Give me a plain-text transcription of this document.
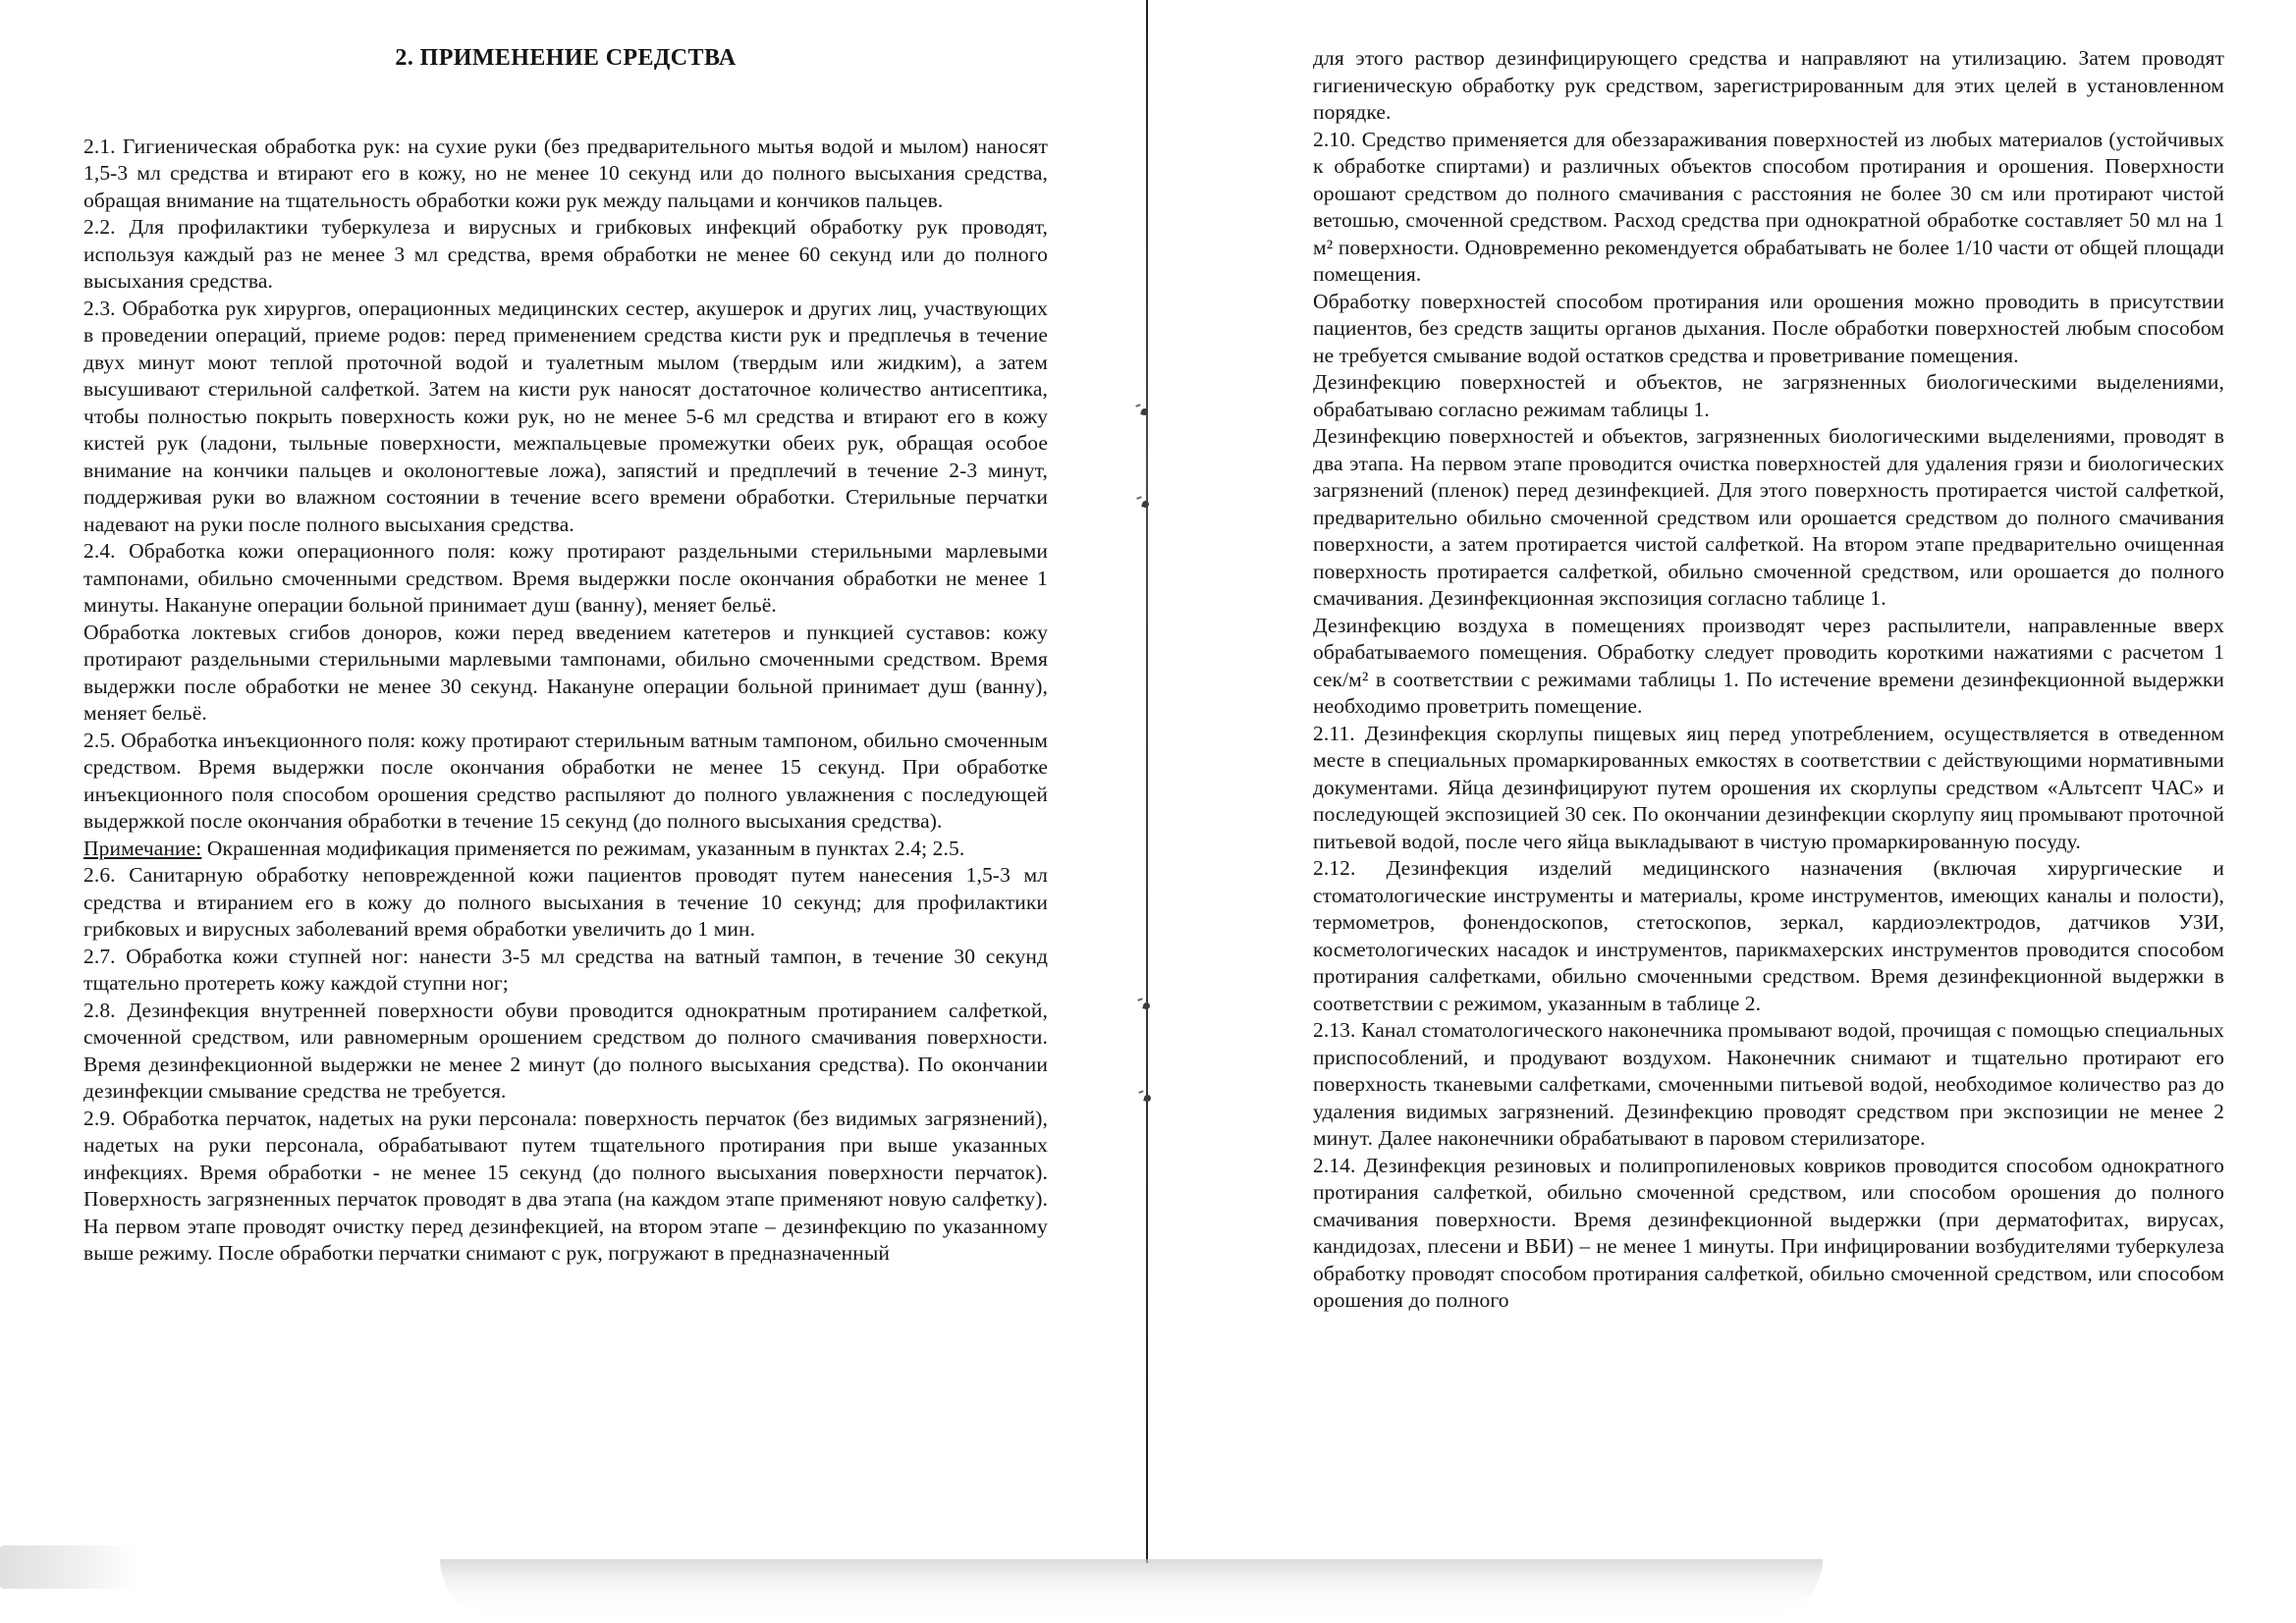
2. ПРИМЕНЕНИЕ СРЕДСТВА

2.1. Гигиеническая обработка рук: на сухие руки (без предварительного мытья водой и мылом) наносят 1,5-3 мл средства и втирают его в кожу, но не менее 10 секунд или до полного высыхания средства, обращая внимание на тщательность обработки кожи рук между пальцами и кончиков пальцев.

2.2. Для профилактики туберкулеза и вирусных и грибковых инфекций обработку рук проводят, используя каждый раз не менее 3 мл средства, время обработки не менее 60 секунд или до полного высыхания средства.

2.3. Обработка рук хирургов, операционных медицинских сестер, акушерок и других лиц, участвующих в проведении операций, приеме родов: перед применением средства кисти рук и предплечья в течение двух минут моют теплой проточной водой и туалетным мылом (твердым или жидким), а затем высушивают стерильной салфеткой. Затем на кисти рук наносят достаточное количество антисептика, чтобы полностью покрыть поверхность кожи рук, но не менее 5-6 мл средства и втирают его в кожу кистей рук (ладони, тыльные поверхности, межпальцевые промежутки обеих рук, обращая особое внимание на кончики пальцев и околоногтевые ложа), запястий и предплечий в течение 2-3 минут, поддерживая руки во влажном состоянии в течение всего времени обработки. Стерильные перчатки надевают на руки после полного высыхания средства.

2.4. Обработка кожи операционного поля: кожу протирают раздельными стерильными марлевыми тампонами, обильно смоченными средством. Время выдержки после окончания обработки не менее 1 минуты. Накануне операции больной принимает душ (ванну), меняет бельё.

Обработка локтевых сгибов доноров, кожи перед введением катетеров и пункцией суставов: кожу протирают раздельными стерильными марлевыми тампонами, обильно смоченными средством. Время выдержки после обработки не менее 30 секунд. Накануне операции больной принимает душ (ванну), меняет бельё.

2.5. Обработка инъекционного поля: кожу протирают стерильным ватным тампоном, обильно смоченным средством. Время выдержки после окончания обработки не менее 15 секунд. При обработке инъекционного поля способом орошения средство распыляют до полного увлажнения с последующей выдержкой после окончания обработки в течение 15 секунд (до полного высыхания средства).

Примечание: Окрашенная модификация применяется по режимам, указанным в пунктах 2.4; 2.5.

2.6. Санитарную обработку неповрежденной кожи пациентов проводят путем нанесения 1,5-3 мл средства и втиранием его в кожу до полного высыхания в течение 10 секунд; для профилактики грибковых и вирусных заболеваний время обработки увеличить до 1 мин.

2.7. Обработка кожи ступней ног: нанести 3-5 мл средства на ватный тампон, в течение 30 секунд тщательно протереть кожу каждой ступни ног;

2.8. Дезинфекция внутренней поверхности обуви проводится однократным протиранием салфеткой, смоченной средством, или равномерным орошением средством до полного смачивания поверхности. Время дезинфекционной выдержки не менее 2 минут (до полного высыхания средства). По окончании дезинфекции смывание средства не требуется.

2.9. Обработка перчаток, надетых на руки персонала: поверхность перчаток (без видимых загрязнений), надетых на руки персонала, обрабатывают путем тщательного протирания при выше указанных инфекциях. Время обработки - не менее 15 секунд (до полного высыхания поверхности перчаток). Поверхность загрязненных перчаток проводят в два этапа (на каждом этапе применяют новую салфетку). На первом этапе проводят очистку перед дезинфекцией, на втором этапе – дезинфекцию по указанному выше режиму. После обработки перчатки снимают с рук, погружают в предназначенный

для этого раствор дезинфицирующего средства и направляют на утилизацию. Затем проводят гигиеническую обработку рук средством, зарегистрированным для этих целей в установленном порядке.

2.10. Средство применяется для обеззараживания поверхностей из любых материалов (устойчивых к обработке спиртами) и различных объектов способом протирания и орошения. Поверхности орошают средством до полного смачивания с расстояния не более 30 см или протирают чистой ветошью, смоченной средством. Расход средства при однократной обработке составляет 50 мл на 1 м² поверхности. Одновременно рекомендуется обрабатывать не более 1/10 части от общей площади помещения.

Обработку поверхностей способом протирания или орошения можно проводить в присутствии пациентов, без средств защиты органов дыхания. После обработки поверхностей любым способом не требуется смывание водой остатков средства и проветривание помещения.

Дезинфекцию поверхностей и объектов, не загрязненных биологическими выделениями, обрабатываю согласно режимам таблицы 1.

Дезинфекцию поверхностей и объектов, загрязненных биологическими выделениями, проводят в два этапа. На первом этапе проводится очистка поверхностей для удаления грязи и биологических загрязнений (пленок) перед дезинфекцией. Для этого поверхность протирается чистой салфеткой, предварительно обильно смоченной средством или орошается средством до полного смачивания поверхности, а затем протирается чистой салфеткой. На втором этапе предварительно очищенная поверхность протирается салфеткой, обильно смоченной средством, или орошается до полного смачивания. Дезинфекционная экспозиция согласно таблице 1.

Дезинфекцию воздуха в помещениях производят через распылители, направленные вверх обрабатываемого помещения. Обработку следует проводить короткими нажатиями с расчетом 1 сек/м² в соответствии с режимами таблицы 1. По истечение времени дезинфекционной выдержки необходимо проветрить помещение.

2.11. Дезинфекция скорлупы пищевых яиц перед употреблением, осуществляется в отведенном месте в специальных промаркированных емкостях в соответствии с действующими нормативными документами. Яйца дезинфицируют путем орошения их скорлупы средством «Альтсепт ЧАС» и последующей экспозицией 30 сек. По окончании дезинфекции скорлупу яиц промывают проточной питьевой водой, после чего яйца выкладывают в чистую промаркированную посуду.

2.12. Дезинфекция изделий медицинского назначения (включая хирургические и стоматологические инструменты и материалы, кроме инструментов, имеющих каналы и полости), термометров, фонендоскопов, стетоскопов, зеркал, кардиоэлектродов, датчиков УЗИ, косметологических насадок и инструментов, парикмахерских инструментов проводится способом протирания салфетками, обильно смоченными средством. Время дезинфекционной выдержки в соответствии с режимом, указанным в таблице 2.

2.13. Канал стоматологического наконечника промывают водой, прочищая с помощью специальных приспособлений, и продувают воздухом. Наконечник снимают и тщательно протирают его поверхность тканевыми салфетками, смоченными питьевой водой, необходимое количество раз до удаления видимых загрязнений. Дезинфекцию проводят средством при экспозиции не менее 2 минут. Далее наконечники обрабатывают в паровом стерилизаторе.

2.14. Дезинфекция резиновых и полипропиленовых ковриков проводится способом однократного протирания салфеткой, обильно смоченной средством, или способом орошения до полного смачивания поверхности. Время дезинфекционной выдержки (при дерматофитах, вирусах, кандидозах, плесени и ВБИ) – не менее 1 минуты. При инфицировании возбудителями туберкулеза обработку проводят способом протирания салфеткой, обильно смоченной средством, или способом орошения до полного
